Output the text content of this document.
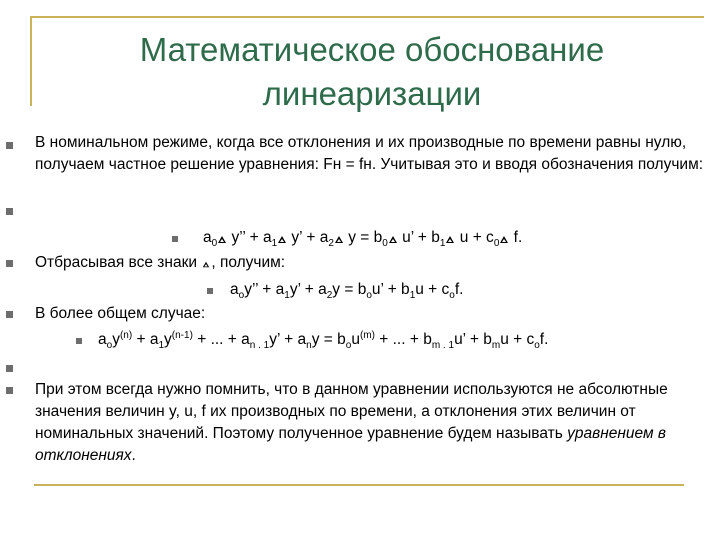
Математическое обоснование
линеаризации
В номинальном режиме, когда все отклонения и их производные по времени равны нулю, получаем частное решение уравнения: Fн = fн. Учитывая это и вводя обозначения получим:
$a_0$ y’’ + $a_1$ y’ + $a_2$ $y = b_0$ u’ + $b_1$ $u + c_0$ f.
Отбрасывая все знаки , получим:
$a_oy$’’ + $a_1y$’ + $a_2y = b_ou$’ + $b_1u + c_of$.
В более общем случае:
$a_oy^{(n)} + a_1y^{(n-1)}$ + ... + $a_{n . 1}y$’ + $a_ny = b_ou^{(m)}$ + ... + $b_{m . 1}u$’ + $b_mu + c_of$.
При этом всегда нужно помнить, что в данном уравнении используются не абсолютные значения величин y, u, f их производных по времени, а отклонения этих величин от номинальных значений. Поэтому полученное уравнение будем называть уравнением в отклонениях.
